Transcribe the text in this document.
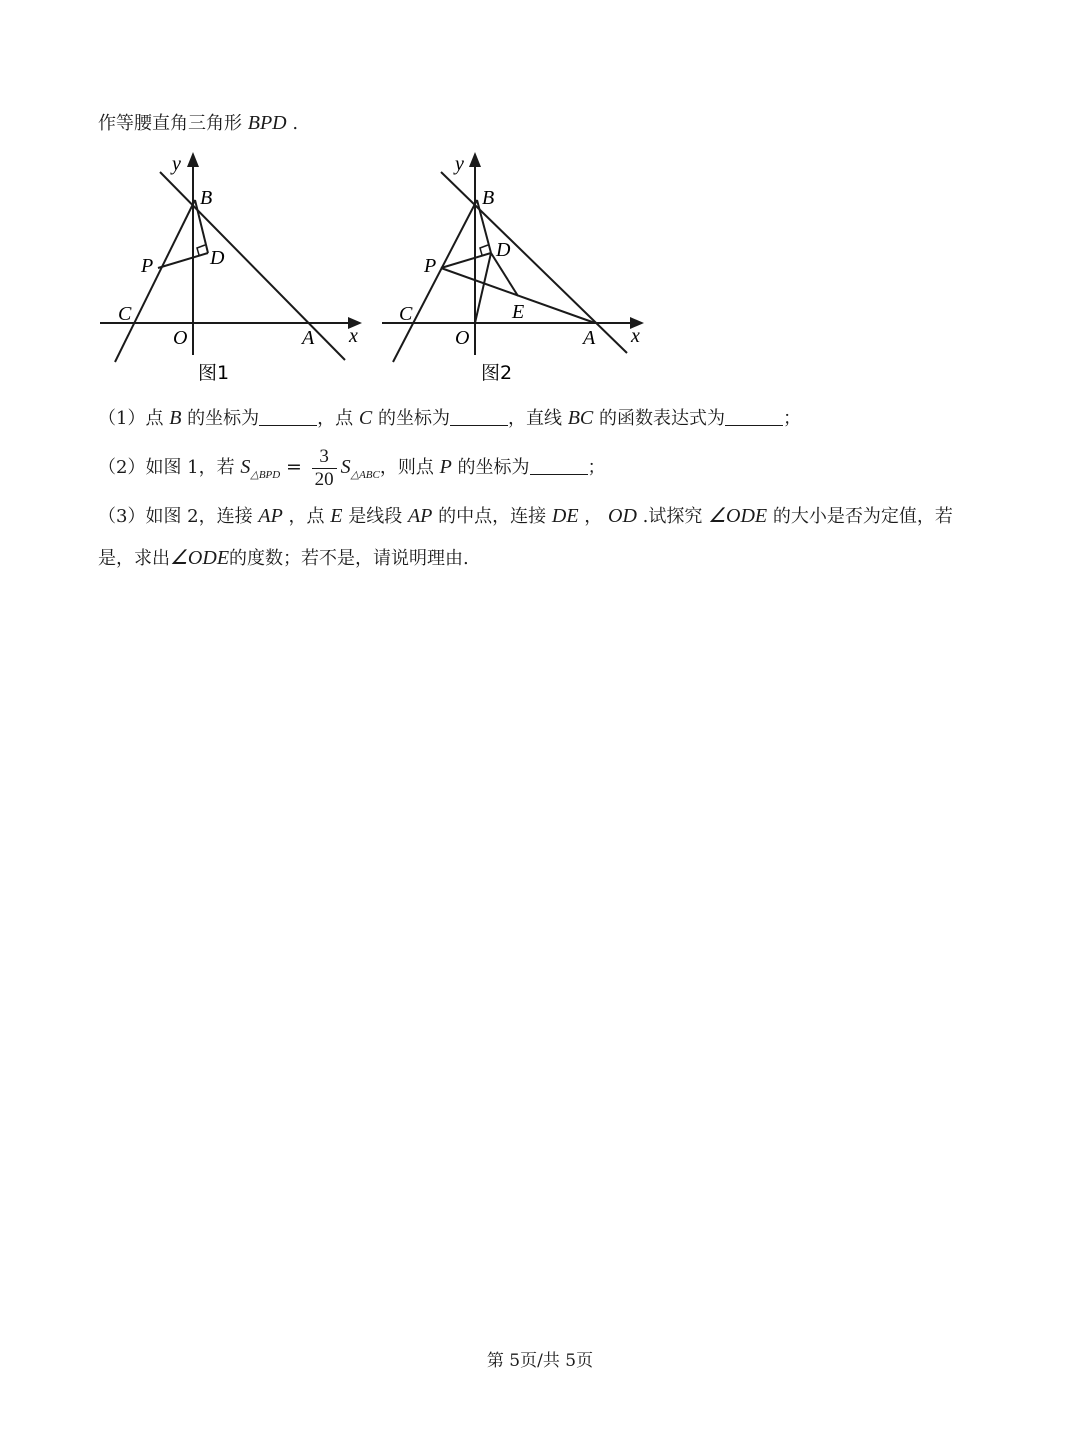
作等腰直角三角形 BPD .
y
B
D
P
C
O	A x
图1
y
B
D
P
C	E
O	A x
图2
（1）点 B 的坐标为	，点 C 的坐标为	，直线 BC 的函数表达式为	；
（2）如图 1，若 $S_{\triangle BPD} = \frac{3}{20} S_{\triangle ABC}$，则点 P 的坐标为	；
（3）如图 2，连接 AP ，点 E 是线段 AP 的中点，连接 DE ， OD .试探究 ∠ODE 的大小是否为定值，若
是，求出∠ODE的度数；若不是，请说明理由.
第 5页/共 5页
